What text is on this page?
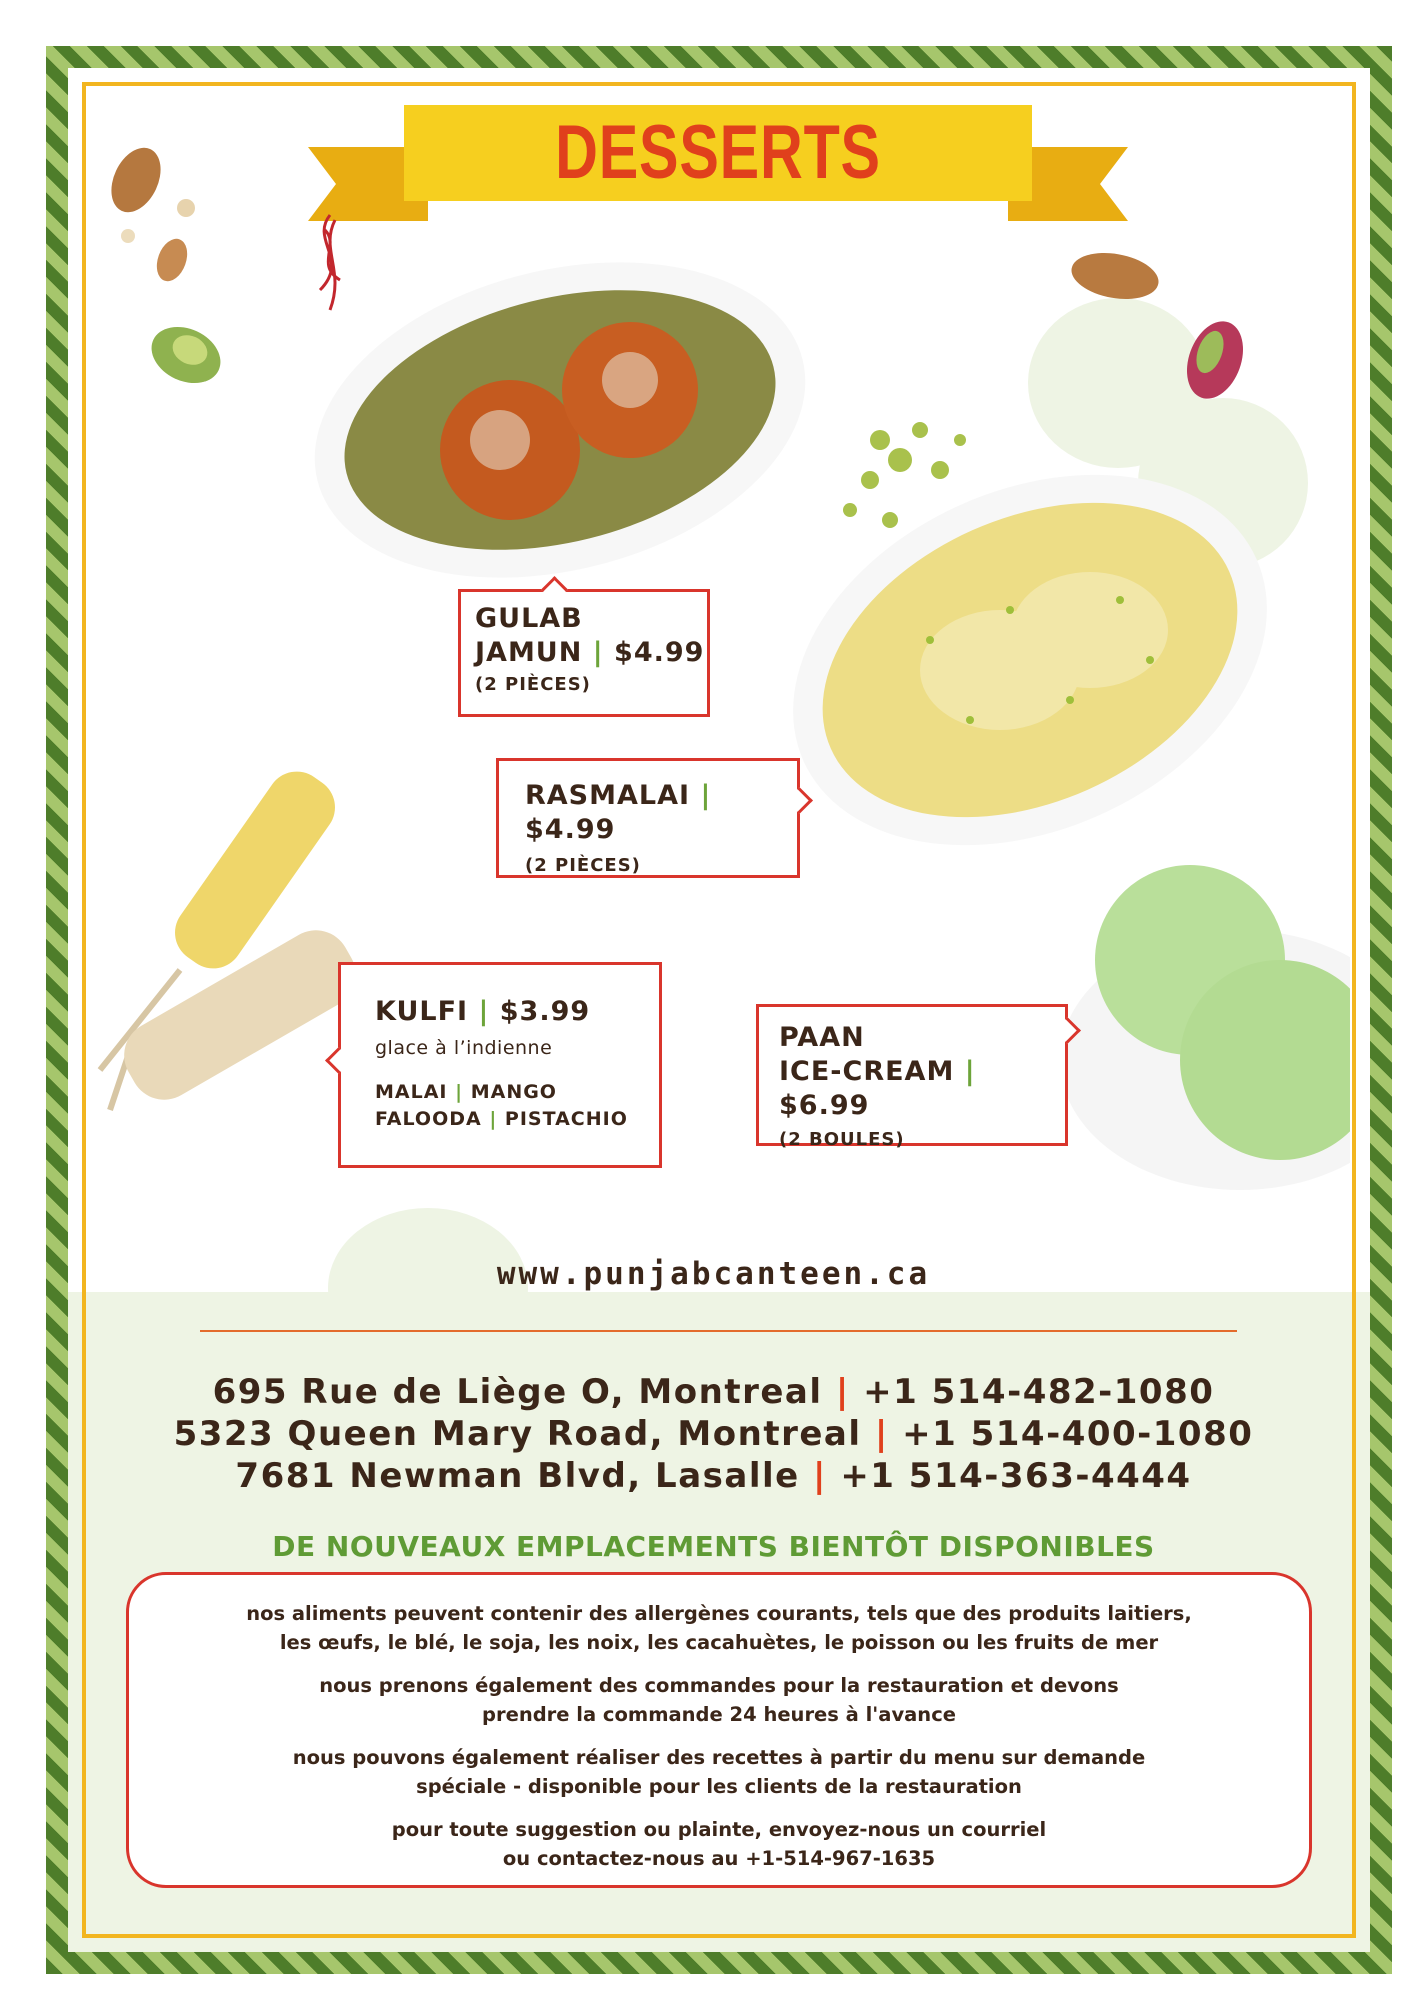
DESSERTS
GULAB
JAMUN | $4.99
(2 PIÈCES)
RASMALAI | $4.99
(2 PIÈCES)
KULFI | $3.99
glace à l’indienne
MALAI | MANGO
FALOODA | PISTACHIO
PAAN
ICE-CREAM | $6.99
(2 BOULES)
www.punjabcanteen.ca
695 Rue de Liège O, Montreal | +1 514-482-1080
5323 Queen Mary Road, Montreal | +1 514-400-1080
7681 Newman Blvd, Lasalle | +1 514-363-4444
DE NOUVEAUX EMPLACEMENTS BIENTÔT DISPONIBLES

nos aliments peuvent contenir des allergènes courants, tels que des produits laitiers,
les œufs, le blé, le soja, les noix, les cacahuètes, le poisson ou les fruits de mer

nous prenons également des commandes pour la restauration et devons
prendre la commande 24 heures à l'avance

nous pouvons également réaliser des recettes à partir du menu sur demande
spéciale - disponible pour les clients de la restauration

pour toute suggestion ou plainte, envoyez-nous un courriel
ou contactez-nous au +1-514-967-1635
